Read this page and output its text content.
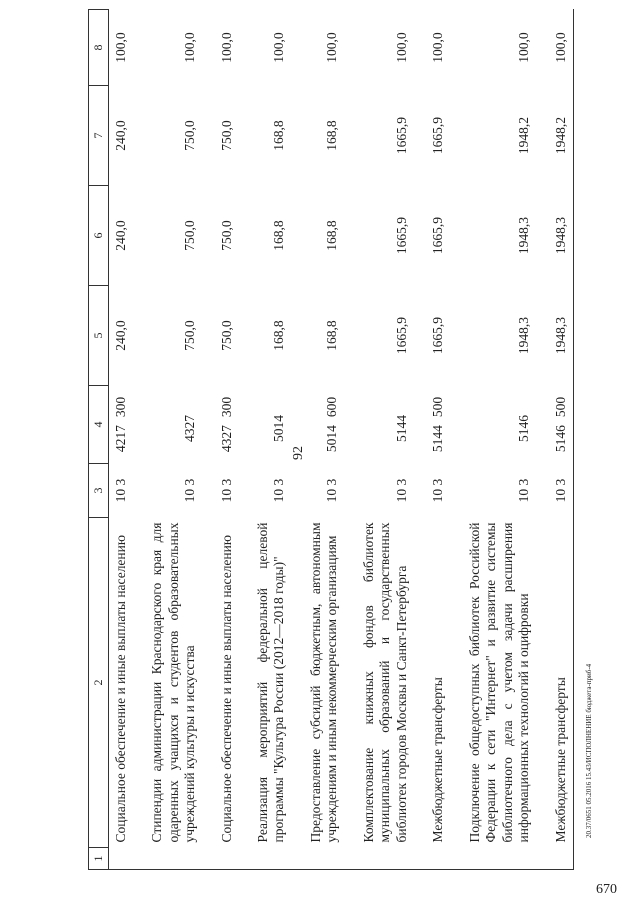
92
670
20.37/0651 05.2016 15.43/ИСПОЛНЕНИЕ бюджета-приб-4
1	2	3	4	5	6	7	8
	Социальное обеспечение и иные выплаты населению	10 3	4217300	240,0	240,0	240,0	100,0
	Стипендии администрации Краснодарского края для одаренных учащихся и студентов образовательных учреждений культуры и искусства	10 3	4327	750,0	750,0	750,0	100,0
	Социальное обеспечение и иные выплаты населению	10 3	4327300	750,0	750,0	750,0	100,0
	Реализация мероприятий федеральной целевой программы "Культура России (2012—2018 годы)"	10 3	5014	168,8	168,8	168,8	100,0
	Предоставление субсидий бюджетным, автономным учреждениям и иным некоммерческим организациям	10 3	5014600	168,8	168,8	168,8	100,0
	Комплектование книжных фондов библиотек муниципальных образований и государственных библиотек городов Москвы и Санкт-Петербурга	10 3	5144	1665,9	1665,9	1665,9	100,0
	Межбюджетные трансферты	10 3	5144500	1665,9	1665,9	1665,9	100,0
	Подключение общедоступных библиотек Российской Федерации к сети "Интернет" и развитие системы библиотечного дела с учетом задачи расширения информационных технологий и оцифровки	10 3	5146	1948,3	1948,3	1948,2	100,0
	Межбюджетные трансферты	10 3	5146500	1948,3	1948,3	1948,2	100,0
